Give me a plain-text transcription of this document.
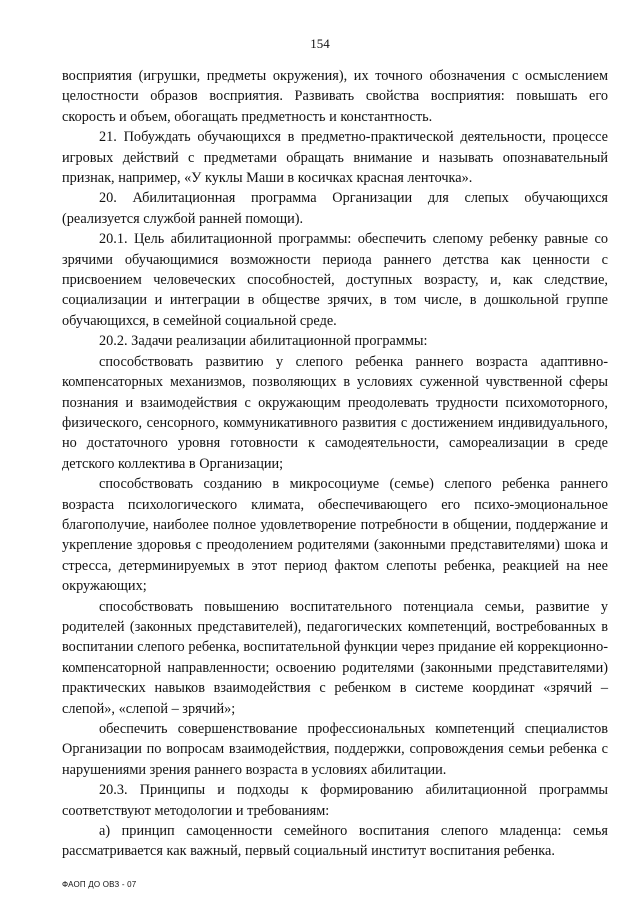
154

восприятия (игрушки, предметы окружения), их точного обозначения с осмыслением целостности образов восприятия. Развивать свойства восприятия: повышать его скорость и объем, обогащать предметность и константность.

21. Побуждать обучающихся в предметно-практической деятельности, процессе игровых действий с предметами обращать внимание и называть опознавательный признак, например, «У куклы Маши в косичках красная ленточка».

20. Абилитационная программа Организации для слепых обучающихся (реализуется службой ранней помощи).

20.1. Цель абилитационной программы: обеспечить слепому ребенку равные со зрячими обучающимися возможности периода раннего детства как ценности с присвоением человеческих способностей, доступных возрасту, и, как следствие, социализации и интеграции в обществе зрячих, в том числе, в дошкольной группе обучающихся, в семейной социальной среде.

20.2. Задачи реализации абилитационной программы:

способствовать развитию у слепого ребенка раннего возраста адаптивно-компенсаторных механизмов, позволяющих в условиях суженной чувственной сферы познания и взаимодействия с окружающим преодолевать трудности психомоторного, физического, сенсорного, коммуникативного развития с достижением индивидуального, но достаточного уровня готовности к самодеятельности, самореализации в среде детского коллектива в Организации;

способствовать созданию в микросоциуме (семье) слепого ребенка раннего возраста психологического климата, обеспечивающего его психо-эмоциональное благополучие, наиболее полное удовлетворение потребности в общении, поддержание и укрепление здоровья с преодолением родителями (законными представителями) шока и стресса, детерминируемых в этот период фактом слепоты ребенка, реакцией на нее окружающих;

способствовать повышению воспитательного потенциала семьи, развитие у родителей (законных представителей), педагогических компетенций, востребованных в воспитании слепого ребенка, воспитательной функции через придание ей коррекционно-компенсаторной направленности; освоению родителями (законными представителями) практических навыков взаимодействия с ребенком в системе координат «зрячий – слепой», «слепой – зрячий»;

обеспечить совершенствование профессиональных компетенций специалистов Организации по вопросам взаимодействия, поддержки, сопровождения семьи ребенка с нарушениями зрения раннего возраста в условиях абилитации.

20.3. Принципы и подходы к формированию абилитационной программы соответствуют методологии и требованиям:

а) принцип самоценности семейного воспитания слепого младенца: семья рассматривается как важный, первый социальный институт воспитания ребенка.

ФАОП ДО ОВЗ - 07
